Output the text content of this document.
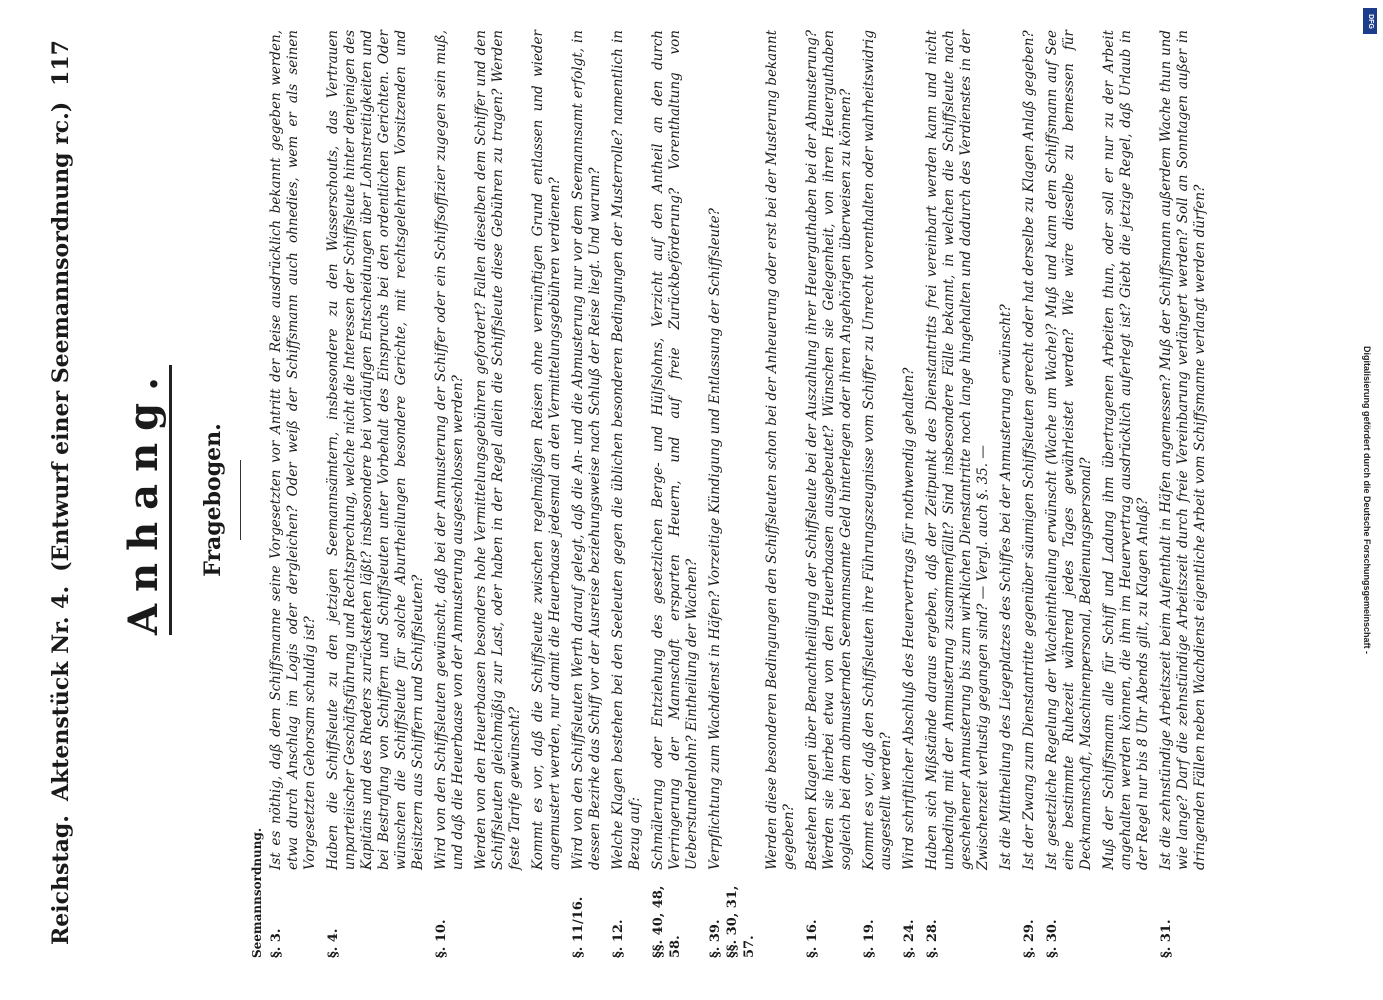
Reichstag.
Aktenstück Nr. 4.
(Entwurf einer Seemannsordnung rc.)
117
Anhang. Fragebogen.
Seemannsordnung. §. 3.
Ist es nöthig, daß dem Schiffsmanne seine Vorgesetzten vor Antritt der Reise ausdrücklich bekannt gegeben werden, etwa durch Anschlag im Logis oder dergleichen? Oder weiß der Schiffsmann auch ohnedies, wem er als seinen Vorgesetzten Gehorsam schuldig ist?
§. 4.
Haben die Schiffsleute zu den jetzigen Seemannsämtern, insbesondere zu den Wasserschouts, das Vertrauen unparteiischer Geschäftsführung und Rechtsprechung, welche nicht die Interessen der Schiffsleute hinter denjenigen des Kapitäns und des Rheders zurückstehen läßt? insbesondere bei vorläufigen Entscheidungen über Lohnstreitigkeiten und bei Bestrafung von Schiffern und Schiffsleuten unter Vorbehalt des Einspruchs bei den ordentlichen Gerichten. Oder wünschen die Schiffsleute für solche Aburtheilungen besondere Gerichte, mit rechtsgelehrtem Vorsitzenden und Beisitzern aus Schiffern und Schiffsleuten?
§. 10.
Wird von den Schiffsleuten gewünscht, daß bei der Anmusterung der Schiffer oder ein Schiffsoffizier zugegen sein muß, und daß die Heuerbaase von der Anmusterung ausgeschlossen werden? Werden von den Heuerbaasen besonders hohe Vermittelungsgebühren gefordert? Fallen dieselben dem Schiffer und den Schiffsleuten gleichmäßig zur Last, oder haben in der Regel allein die Schiffsleute diese Gebühren zu tragen? Werden feste Tarife gewünscht? Kommt es vor, daß die Schiffsleute zwischen regelmäßigen Reisen ohne vernünftigen Grund entlassen und wieder angemustert werden, nur damit die Heuerbaase jedesmal an den Vermittelungsgebühren verdienen?
§. 11/16.
Wird von den Schiffsleuten Werth darauf gelegt, daß die An- und die Abmusterung nur vor dem Seemannsamt erfolgt, in dessen Bezirke das Schiff vor der Ausreise beziehungsweise nach Schluß der Reise liegt. Und warum?
§. 12.
Welche Klagen bestehen bei den Seeleuten gegen die üblichen besonderen Bedingungen der Musterrolle? namentlich in Bezug auf:
§§. 40, 48, 58.
Schmälerung oder Entziehung des gesetzlichen Berge- und Hülfslohns, Verzicht auf den Antheil an den durch Verringerung der Mannschaft ersparten Heuern, und auf freie Zurückbeförderung? Vorenthaltung von Ueberstundenlohn? Eintheilung der Wachen?
§. 39.
§§. 30, 31, 57.
Verpflichtung zum Wachdienst in Häfen? Vorzeitige Kündigung und Entlassung der Schiffsleute?	Werden diese besonderen Bedingungen den Schiffsleuten schon bei der Anheuerung oder erst bei der Musterung bekannt gegeben?
§. 16.
Bestehen Klagen über Benachtheiligung der Schiffsleute bei der Auszahlung ihrer Heuerguthaben bei der Abmusterung? Werden sie hierbei etwa von den Heuerbaasen ausgebeutet? Wünschen sie Gelegenheit, von ihren Heuerguthaben sogleich bei dem abmusternden Seemannsamte Geld hinterlegen oder ihren Angehörigen überweisen zu können?
§. 19.
Kommt es vor, daß den Schiffsleuten ihre Führungszeugnisse vom Schiffer zu Unrecht vorenthalten oder wahrheitswidrig ausgestellt werden?
§. 24.
Wird schriftlicher Abschluß des Heuervertrags für nothwendig gehalten?
§. 28.
Haben sich Mißstände daraus ergeben, daß der Zeitpunkt des Dienstantritts frei vereinbart werden kann und nicht unbedingt mit der Anmusterung zusammenfällt? Sind insbesondere Fälle bekannt, in welchen die Schiffsleute nach geschehener Anmusterung bis zum wirklichen Dienstantritte noch lange hingehalten und dadurch des Verdienstes in der Zwischenzeit verlustig gegangen sind? — Vergl. auch §. 35. — Ist die Mittheilung des Liegeplatzes des Schiffes bei der Anmusterung erwünscht?
§. 29.
Ist der Zwang zum Dienstantritte gegenüber säumigen Schiffsleuten gerecht oder hat derselbe zu Klagen Anlaß gegeben?
§. 30.
Ist gesetzliche Regelung der Wacheintheilung erwünscht (Wache um Wache)? Muß und kann dem Schiffsmann auf See eine bestimmte Ruhezeit während jedes Tages gewährleistet werden? Wie wäre dieselbe zu bemessen für Deckmannschaft, Maschinenpersonal, Bedienungspersonal? Muß der Schiffsmann alle für Schiff und Ladung ihm übertragenen Arbeiten thun, oder soll er nur zu der Arbeit angehalten werden können, die ihm im Heuervertrag ausdrücklich auferlegt ist? Giebt die jetzige Regel, daß Urlaub in der Regel nur bis 8 Uhr Abends gilt, zu Klagen Anlaß?
§. 31.
Ist die zehnstündige Arbeitszeit beim Aufenthalt in Häfen angemessen? Muß der Schiffsmann außerdem Wache thun und wie lange? Darf die zehnstündige Arbeitszeit durch freie Vereinbarung verlängert werden? Soll an Sonntagen außer in dringenden Fällen neben Wachdienst eigentliche Arbeit vom Schiffsmanne verlangt werden dürfen?
DFG
Digitalisierung gefördert durch die Deutsche Forschungsgemeinschaft -
